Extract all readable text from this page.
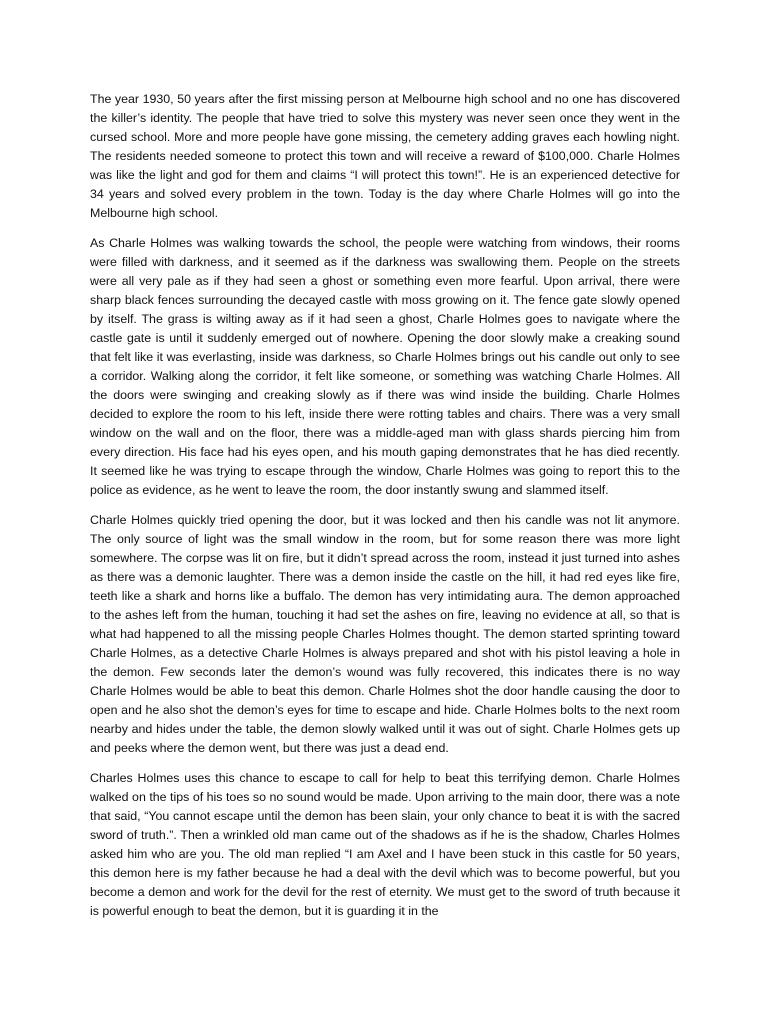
The year 1930, 50 years after the first missing person at Melbourne high school and no one has discovered the killer’s identity. The people that have tried to solve this mystery was never seen once they went in the cursed school. More and more people have gone missing, the cemetery adding graves each howling night. The residents needed someone to protect this town and will receive a reward of $100,000. Charle Holmes was like the light and god for them and claims “I will protect this town!”. He is an experienced detective for 34 years and solved every problem in the town. Today is the day where Charle Holmes will go into the Melbourne high school.

As Charle Holmes was walking towards the school, the people were watching from windows, their rooms were filled with darkness, and it seemed as if the darkness was swallowing them. People on the streets were all very pale as if they had seen a ghost or something even more fearful. Upon arrival, there were sharp black fences surrounding the decayed castle with moss growing on it. The fence gate slowly opened by itself. The grass is wilting away as if it had seen a ghost, Charle Holmes goes to navigate where the castle gate is until it suddenly emerged out of nowhere. Opening the door slowly make a creaking sound that felt like it was everlasting, inside was darkness, so Charle Holmes brings out his candle out only to see a corridor. Walking along the corridor, it felt like someone, or something was watching Charle Holmes. All the doors were swinging and creaking slowly as if there was wind inside the building. Charle Holmes decided to explore the room to his left, inside there were rotting tables and chairs. There was a very small window on the wall and on the floor, there was a middle-aged man with glass shards piercing him from every direction. His face had his eyes open, and his mouth gaping demonstrates that he has died recently. It seemed like he was trying to escape through the window, Charle Holmes was going to report this to the police as evidence, as he went to leave the room, the door instantly swung and slammed itself.

Charle Holmes quickly tried opening the door, but it was locked and then his candle was not lit anymore. The only source of light was the small window in the room, but for some reason there was more light somewhere. The corpse was lit on fire, but it didn’t spread across the room, instead it just turned into ashes as there was a demonic laughter. There was a demon inside the castle on the hill, it had red eyes like fire, teeth like a shark and horns like a buffalo. The demon has very intimidating aura. The demon approached to the ashes left from the human, touching it had set the ashes on fire, leaving no evidence at all, so that is what had happened to all the missing people Charles Holmes thought. The demon started sprinting toward Charle Holmes, as a detective Charle Holmes is always prepared and shot with his pistol leaving a hole in the demon. Few seconds later the demon’s wound was fully recovered, this indicates there is no way Charle Holmes would be able to beat this demon. Charle Holmes shot the door handle causing the door to open and he also shot the demon’s eyes for time to escape and hide. Charle Holmes bolts to the next room nearby and hides under the table, the demon slowly walked until it was out of sight. Charle Holmes gets up and peeks where the demon went, but there was just a dead end.

Charles Holmes uses this chance to escape to call for help to beat this terrifying demon. Charle Holmes walked on the tips of his toes so no sound would be made. Upon arriving to the main door, there was a note that said, “You cannot escape until the demon has been slain, your only chance to beat it is with the sacred sword of truth.”. Then a wrinkled old man came out of the shadows as if he is the shadow, Charles Holmes asked him who are you. The old man replied “I am Axel and I have been stuck in this castle for 50 years, this demon here is my father because he had a deal with the devil which was to become powerful, but you become a demon and work for the devil for the rest of eternity. We must get to the sword of truth because it is powerful enough to beat the demon, but it is guarding it in the
